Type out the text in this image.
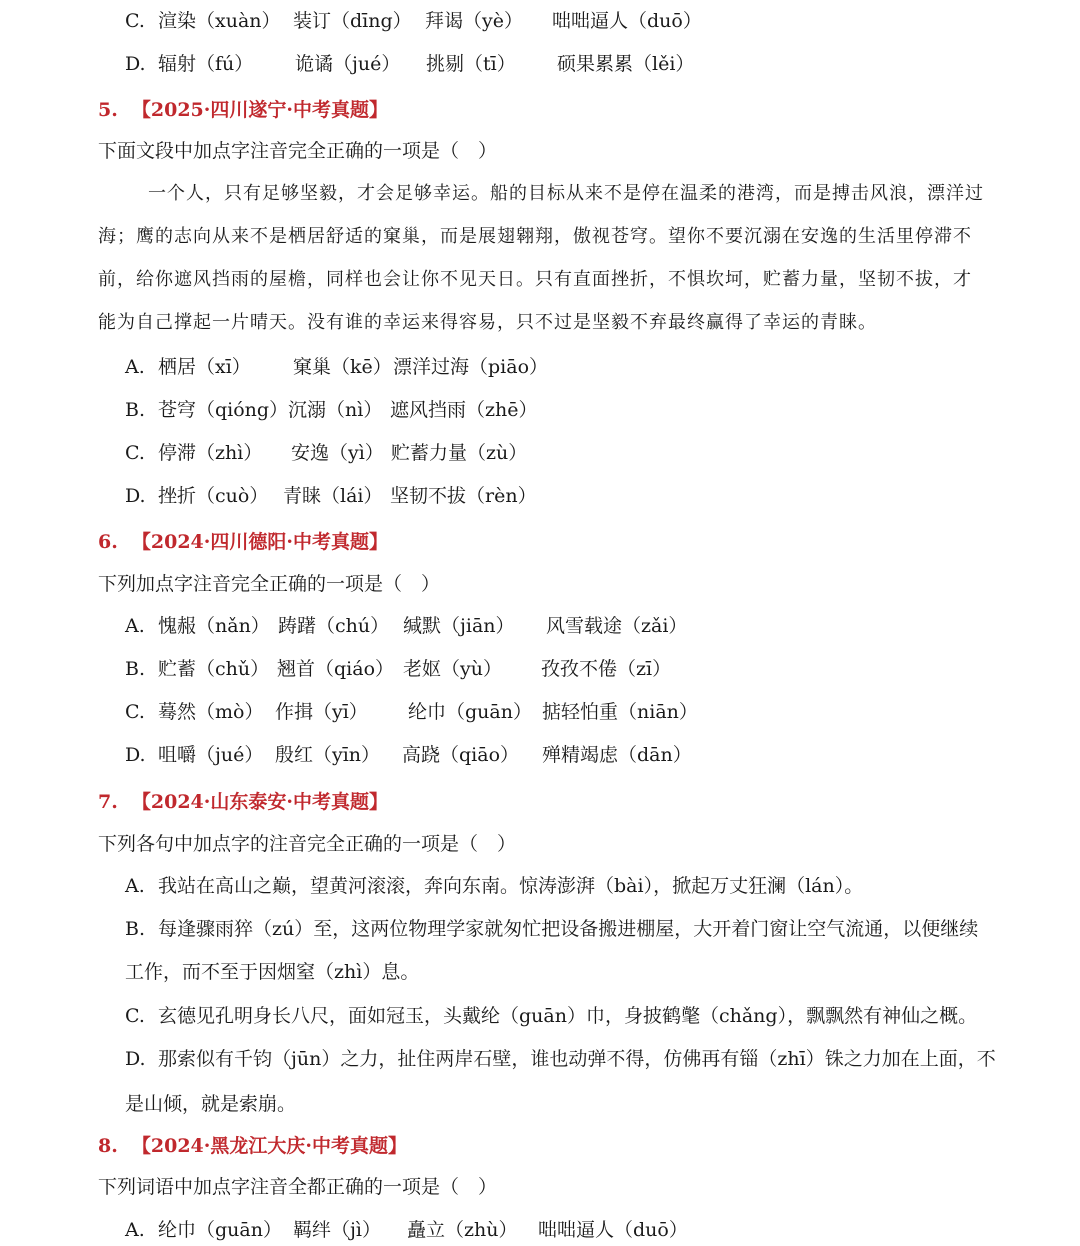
C. 渲染（xuàn） 装订（dīng） 拜谒（yè） 咄咄逼人（duō）
D. 辐射（fú） 诡谲（jué） 挑剔（tī） 硕果累累（lěi）
5. 【2025·四川遂宁·中考真题】
下面文段中加点字注音完全正确的一项是（　）
一个人，只有足够坚毅，才会足够幸运。船的目标从来不是停在温柔的港湾，而是搏击风浪，漂洋过
海；鹰的志向从来不是栖居舒适的窠巢，而是展翅翱翔，傲视苍穹。望你不要沉溺在安逸的生活里停滞不
前，给你遮风挡雨的屋檐，同样也会让你不见天日。只有直面挫折，不惧坎坷，贮蓄力量，坚韧不拔，才
能为自己撑起一片晴天。没有谁的幸运来得容易，只不过是坚毅不弃最终赢得了幸运的青睐。
A. 栖居（xī） 窠巢（kē） 漂洋过海（piāo）
B. 苍穹（qióng） 沉溺（nì） 遮风挡雨（zhē）
C. 停滞（zhì） 安逸（yì） 贮蓄力量（zù）
D. 挫折（cuò） 青睐（lái） 坚韧不拔（rèn）
6. 【2024·四川德阳·中考真题】
下列加点字注音完全正确的一项是（　）
A. 愧赧（nǎn） 踌躇（chú） 缄默（jiān） 风雪载途（zǎi）
B. 贮蓄（chǔ） 翘首（qiáo） 老妪（yù） 孜孜不倦（zī）
C. 蓦然（mò） 作揖（yī） 纶巾（guān） 掂轻怕重（niān）
D. 咀嚼（jué） 殷红（yīn） 高跷（qiāo） 殚精竭虑（dān）
7. 【2024·山东泰安·中考真题】
下列各句中加点字的注音完全正确的一项是（　）
A. 我站在高山之巅，望黄河滚滚，奔向东南。惊涛澎湃（bài），掀起万丈狂澜（lán）。
B. 每逢骤雨猝（zú）至，这两位物理学家就匆忙把设备搬进棚屋，大开着门窗让空气流通，以便继续
工作，而不至于因烟窒（zhì）息。
C. 玄德见孔明身长八尺，面如冠玉，头戴纶（guān）巾，身披鹤氅（chǎng），飘飘然有神仙之概。
D. 那索似有千钧（jūn）之力，扯住两岸石壁，谁也动弹不得，仿佛再有锱（zhī）铢之力加在上面，不
是山倾，就是索崩。
8. 【2024·黑龙江大庆·中考真题】
下列词语中加点字注音全都正确的一项是（　）
A. 纶巾（guān） 羁绊（jì） 矗立（zhù） 咄咄逼人（duō）
